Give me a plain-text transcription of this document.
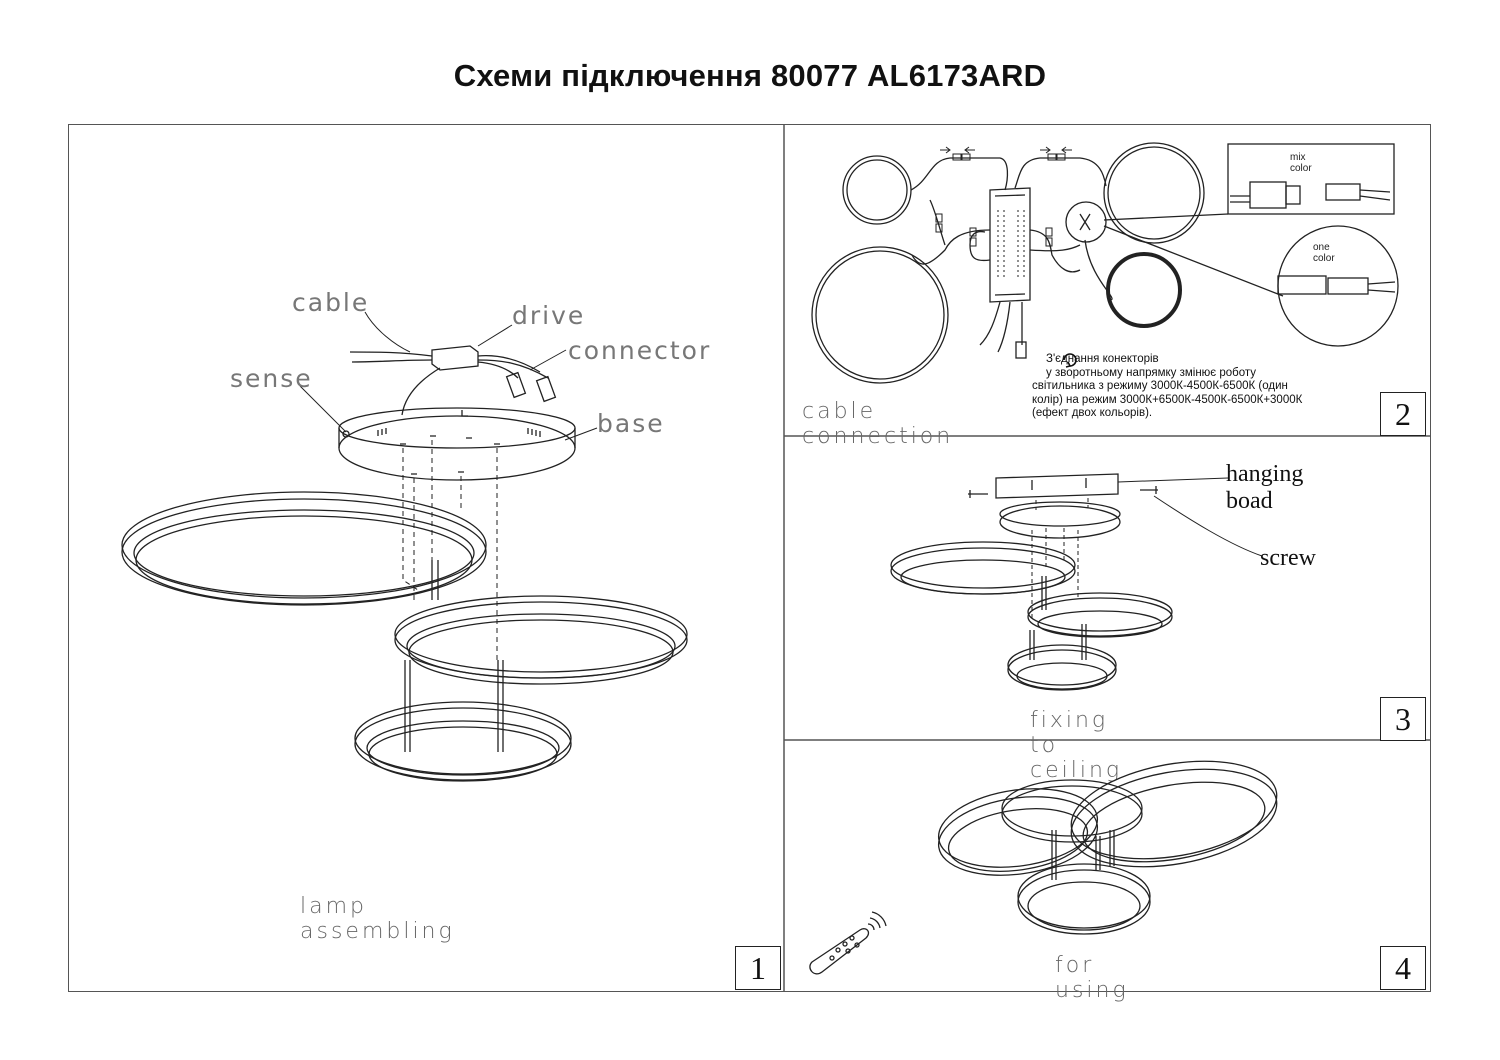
Схеми підключення 80077 AL6173ARD
cable	drive
connector
sense
base
lamp assembling
1
mix color
one color
З'єднання конекторів
у зворотньому напрямку змінює роботу
світильника з режиму 3000К-4500К-6500К (один
колір) на режим 3000К+6500К-4500К-6500К+3000К
(ефект двох кольорів).
cable connection
2
hanging boad
screw
fixing to ceiling
3
for using
4
